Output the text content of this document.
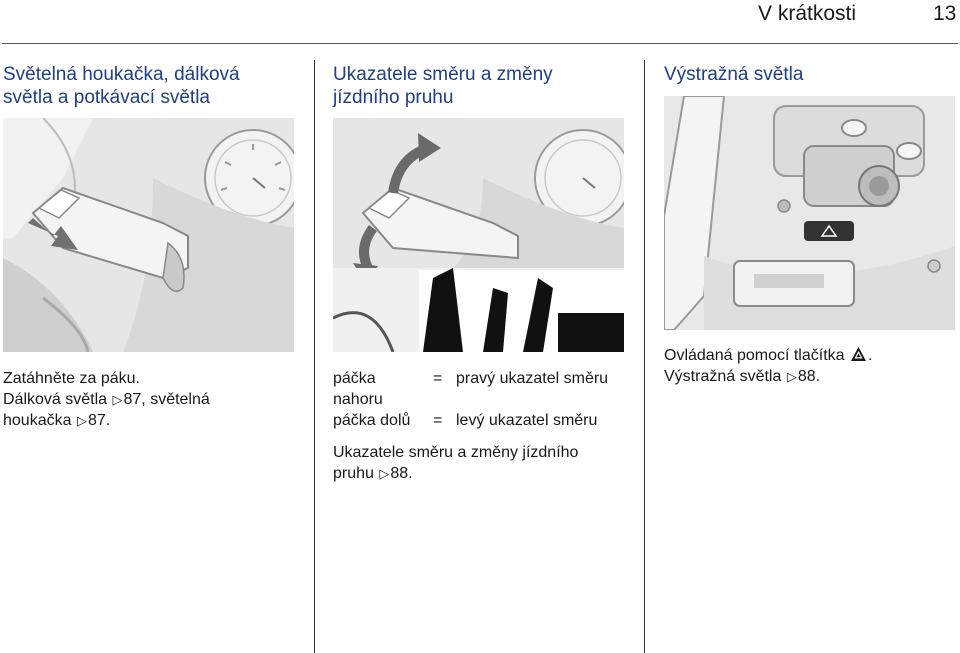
V krátkosti	13
Světelná houkačka, dálková
světla a potkávací světla
Zatáhněte za páku.
Dálková světla ▷87, světelná
houkačka ▷87.
Ukazatele směru a změny
jízdního pruhu
páčka	= pravý ukazatel směru
nahoru
páčka dolů = levý ukazatel směru
Ukazatele směru a změny jízdního
pruhu ▷88.
Výstražná světla
Ovládaná pomocí tlačítka .
Výstražná světla ▷88.
